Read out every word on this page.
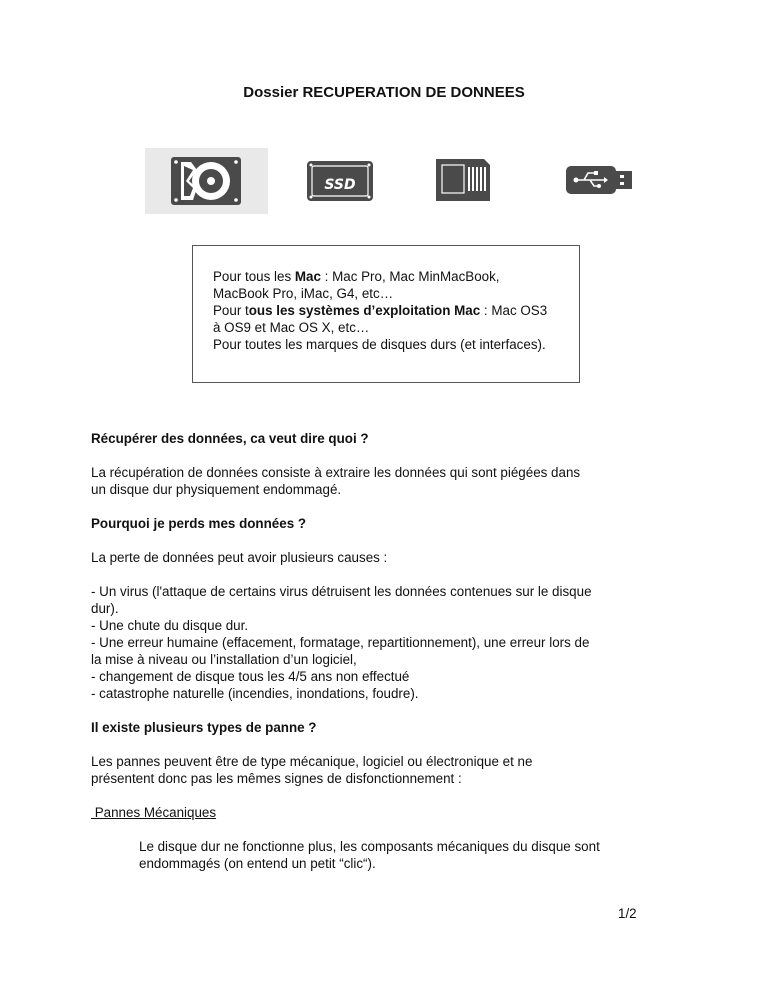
Dossier RECUPERATION DE DONNEES
SSD

Pour tous les Mac : Mac Pro, Mac MinMacBook,

MacBook Pro, iMac, G4, etc…

Pour tous les systèmes d’exploitation Mac : Mac OS3

à OS9 et Mac OS X, etc…

Pour toutes les marques de disques durs (et interfaces).

Récupérer des données, ca veut dire quoi ?

La récupération de données consiste à extraire les données qui sont piégées dans

un disque dur physiquement endommagé.

Pourquoi je perds mes données ?

La perte de données peut avoir plusieurs causes :

- Un virus (l'attaque de certains virus détruisent les données contenues sur le disque

dur).

- Une chute du disque dur.

- Une erreur humaine (effacement, formatage, repartitionnement), une erreur lors de

la mise à niveau ou l’installation d’un logiciel,

- changement de disque tous les 4/5 ans non effectué

- catastrophe naturelle (incendies, inondations, foudre).

Il existe plusieurs types de panne ?

Les pannes peuvent être de type mécanique, logiciel ou électronique et ne

présentent donc pas les mêmes signes de disfonctionnement :

Pannes Mécaniques

Le disque dur ne fonctionne plus, les composants mécaniques du disque sont

endommagés (on entend un petit “clic“).

1/2
